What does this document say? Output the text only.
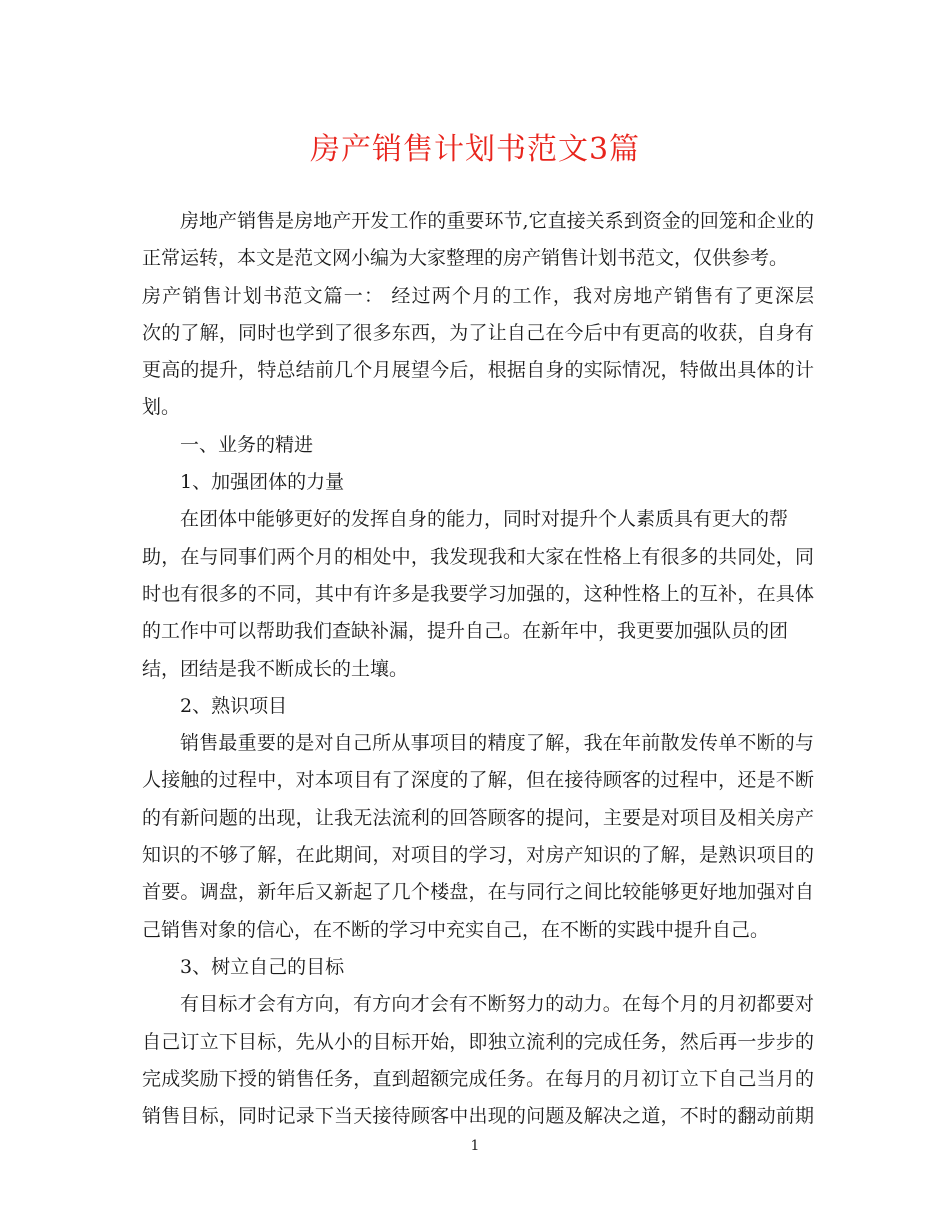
房产销售计划书范文3篇
房地产销售是房地产开发工作的重要环节,它直接关系到资金的回笼和企业的
正常运转，本文是范文网小编为大家整理的房产销售计划书范文，仅供参考。
房产销售计划书范文篇一： 经过两个月的工作，我对房地产销售有了更深层
次的了解，同时也学到了很多东西，为了让自己在今后中有更高的收获，自身有
更高的提升，特总结前几个月展望今后，根据自身的实际情况，特做出具体的计
划。
一、业务的精进
1、加强团体的力量
在团体中能够更好的发挥自身的能力，同时对提升个人素质具有更大的帮
助，在与同事们两个月的相处中，我发现我和大家在性格上有很多的共同处，同
时也有很多的不同，其中有许多是我要学习加强的，这种性格上的互补，在具体
的工作中可以帮助我们查缺补漏，提升自己。在新年中，我更要加强队员的团
结，团结是我不断成长的土壤。
2、熟识项目
销售最重要的是对自己所从事项目的精度了解，我在年前散发传单不断的与
人接触的过程中，对本项目有了深度的了解，但在接待顾客的过程中，还是不断
的有新问题的出现，让我无法流利的回答顾客的提问，主要是对项目及相关房产
知识的不够了解，在此期间，对项目的学习，对房产知识的了解，是熟识项目的
首要。调盘，新年后又新起了几个楼盘，在与同行之间比较能够更好地加强对自
己销售对象的信心，在不断的学习中充实自己，在不断的实践中提升自己。
3、树立自己的目标
有目标才会有方向，有方向才会有不断努力的动力。在每个月的月初都要对
自己订立下目标，先从小的目标开始，即独立流利的完成任务，然后再一步步的
完成奖励下授的销售任务，直到超额完成任务。在每月的月初订立下自己当月的
销售目标，同时记录下当天接待顾客中出现的问题及解决之道，不时的翻动前期
1
